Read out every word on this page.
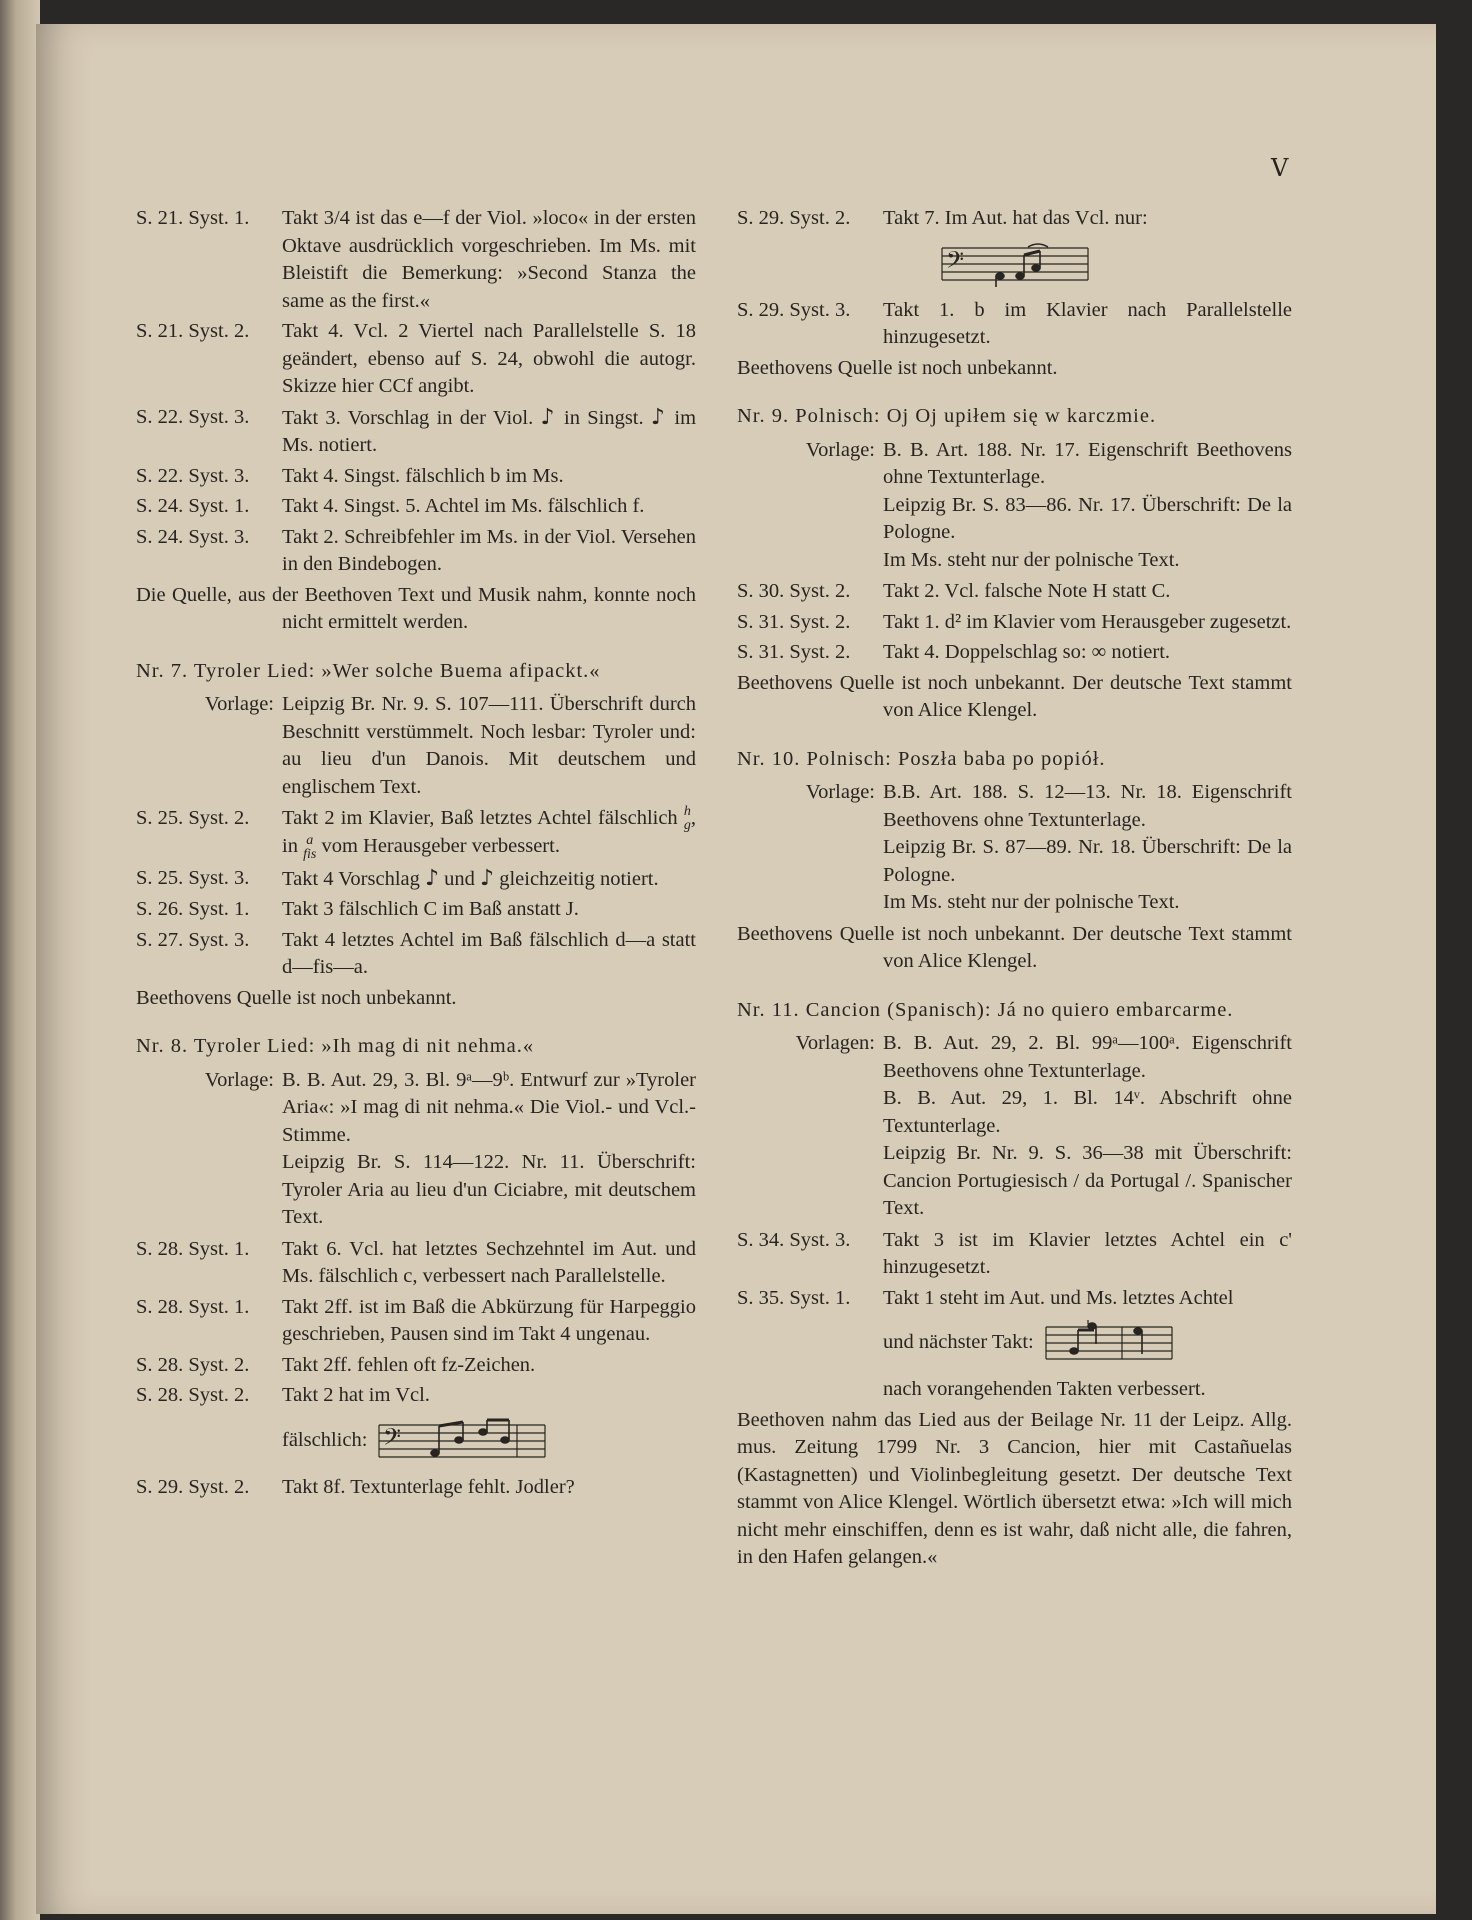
V
S. 21. Syst. 1.	Takt 3/4 ist das e—f der Viol. »loco« in der ersten Oktave ausdrücklich vorgeschrieben. Im Ms. mit Bleistift die Bemerkung: »Second Stanza the same as the first.«
S. 21. Syst. 2.	Takt 4. Vcl. 2 Viertel nach Parallelstelle S. 18 geändert, ebenso auf S. 24, obwohl die autogr. Skizze hier CCf angibt.
S. 22. Syst. 3.	Takt 3. Vorschlag in der Viol. ♪ in Singst. ♪ im Ms. notiert.
S. 22. Syst. 3.	Takt 4. Singst. fälschlich b im Ms.
S. 24. Syst. 1.	Takt 4. Singst. 5. Achtel im Ms. fälschlich f.
S. 24. Syst. 3.	Takt 2. Schreibfehler im Ms. in der Viol. Versehen in den Bindebogen.
Die Quelle, aus der Beethoven Text und Musik nahm, konnte noch nicht ermittelt werden.
Nr. 7. Tyroler Lied: »Wer solche Buema afipackt.«
Vorlage: Leipzig Br. Nr. 9. S. 107—111. Überschrift durch Beschnitt verstümmelt. Noch lesbar: Tyroler und: au lieu d'un Danois. Mit deutschem und englischem Text.
S. 25. Syst. 2.	Takt 2 im Klavier, Baß letztes Achtel fälschlich h
g, in a
fis vom Herausgeber verbessert.
S. 25. Syst. 3.	Takt 4 Vorschlag ♪ und ♪ gleichzeitig notiert.
S. 26. Syst. 1.	Takt 3 fälschlich C im Baß anstatt J.
S. 27. Syst. 3.	Takt 4 letztes Achtel im Baß fälschlich d—a statt d—fis—a.
Beethovens Quelle ist noch unbekannt.
Nr. 8. Tyroler Lied: »Ih mag di nit nehma.«
Vorlage: B. B. Aut. 29, 3. Bl. 9ᵃ—9ᵇ. Entwurf zur »Tyroler Aria«: »I mag di nit nehma.« Die Viol.- und Vcl.-Stimme.
Leipzig Br. S. 114—122. Nr. 11. Überschrift: Tyroler Aria au lieu d'un Ciciabre, mit deutschem Text.
S. 28. Syst. 1.	Takt 6. Vcl. hat letztes Sechzehntel im Aut. und Ms. fälschlich c, verbessert nach Parallelstelle.
S. 28. Syst. 1.	Takt 2ff. ist im Baß die Abkürzung für Harpeggio geschrieben, Pausen sind im Takt 4 ungenau.
S. 28. Syst. 2.	Takt 2ff. fehlen oft fz-Zeichen.
S. 28. Syst. 2.	Takt 2 hat im Vcl.
fälschlich: 𝄢
S. 29. Syst. 2.	Takt 8f. Textunterlage fehlt. Jodler?
S. 29. Syst. 2.	Takt 7. Im Aut. hat das Vcl. nur:
𝄢
S. 29. Syst. 3.	Takt 1. b im Klavier nach Parallelstelle hinzugesetzt.
Beethovens Quelle ist noch unbekannt.
Nr. 9. Polnisch: Oj Oj upiłem się w karczmie.
Vorlage: B. B. Art. 188. Nr. 17. Eigenschrift Beethovens ohne Textunterlage.
Leipzig Br. S. 83—86. Nr. 17. Überschrift: De la Pologne.
Im Ms. steht nur der polnische Text.
S. 30. Syst. 2.	Takt 2. Vcl. falsche Note H statt C.
S. 31. Syst. 2.	Takt 1. d² im Klavier vom Herausgeber zugesetzt.
S. 31. Syst. 2.	Takt 4. Doppelschlag so: ∞ notiert.
Beethovens Quelle ist noch unbekannt. Der deutsche Text stammt von Alice Klengel.
Nr. 10. Polnisch: Poszła baba po popiół.
Vorlage: B.B. Art. 188. S. 12—13. Nr. 18. Eigenschrift Beethovens ohne Textunterlage.
Leipzig Br. S. 87—89. Nr. 18. Überschrift: De la Pologne.
Im Ms. steht nur der polnische Text.
Beethovens Quelle ist noch unbekannt. Der deutsche Text stammt von Alice Klengel.
Nr. 11. Cancion (Spanisch): Já no quiero embarcarme.
Vorlagen: B. B. Aut. 29, 2. Bl. 99ᵃ—100ᵃ. Eigenschrift Beethovens ohne Textunterlage.
B. B. Aut. 29, 1. Bl. 14ᵛ. Abschrift ohne Textunterlage.
Leipzig Br. Nr. 9. S. 36—38 mit Überschrift: Cancion Portugiesisch / da Portugal /. Spanischer Text.
S. 34. Syst. 3.	Takt 3 ist im Klavier letztes Achtel ein c' hinzugesetzt.
S. 35. Syst. 1.	Takt 1 steht im Aut. und Ms. letztes Achtel
und nächster Takt:
nach vorangehenden Takten verbessert.
Beethoven nahm das Lied aus der Beilage Nr. 11 der Leipz. Allg. mus. Zeitung 1799 Nr. 3 Cancion, hier mit Castañuelas (Kastagnetten) und Violinbegleitung gesetzt. Der deutsche Text stammt von Alice Klengel. Wörtlich übersetzt etwa: »Ich will mich nicht mehr einschiffen, denn es ist wahr, daß nicht alle, die fahren, in den Hafen gelangen.«
